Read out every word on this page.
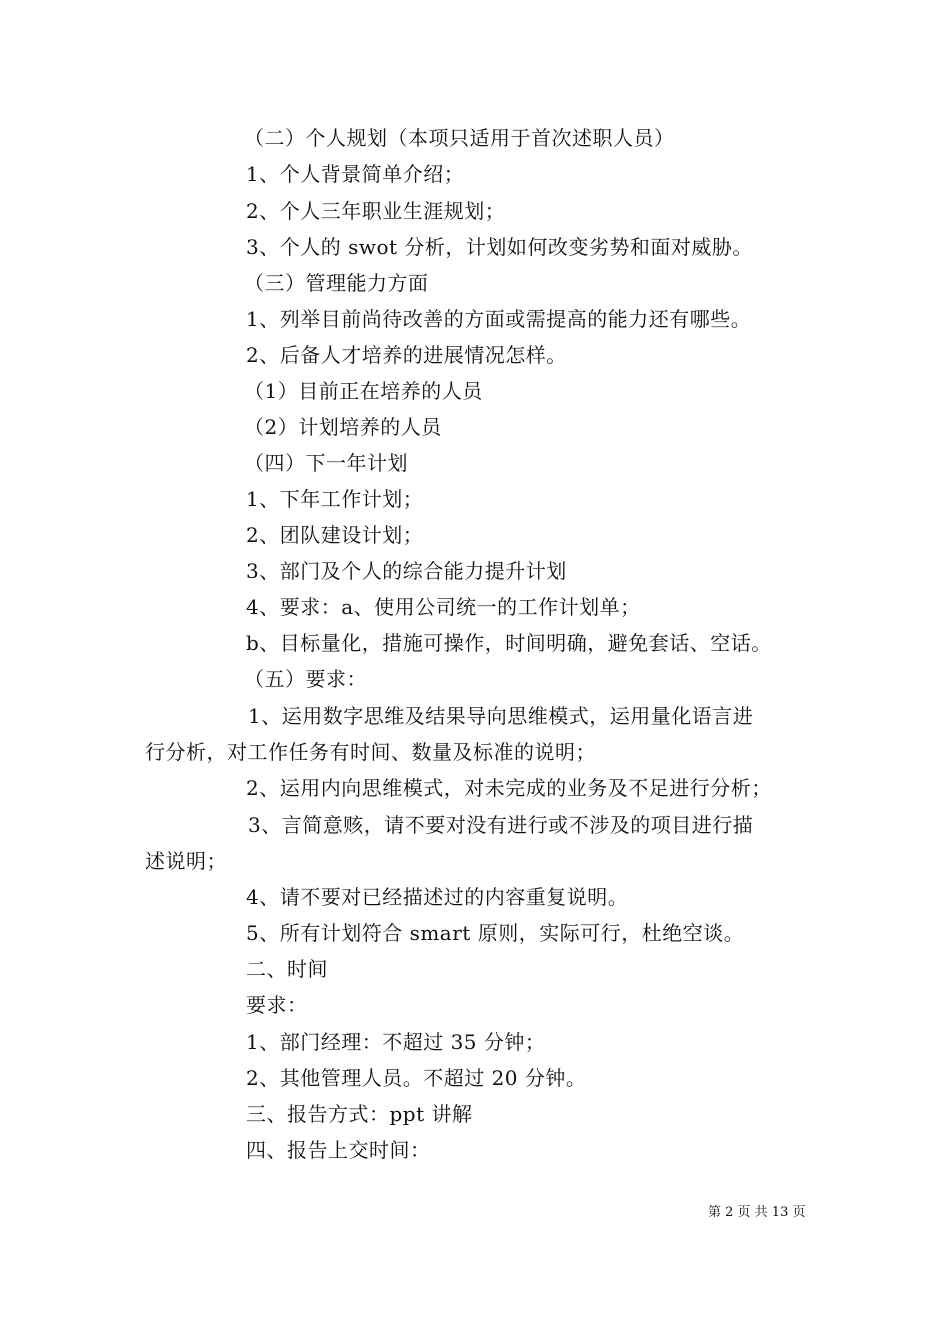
（二）个人规划（本项只适用于首次述职人员）
1、个人背景简单介绍；
2、个人三年职业生涯规划；
3、个人的 swot 分析，计划如何改变劣势和面对威胁。
（三）管理能力方面
1、列举目前尚待改善的方面或需提高的能力还有哪些。
2、后备人才培养的进展情况怎样。
（1）目前正在培养的人员
（2）计划培养的人员
（四）下一年计划
1、下年工作计划；
2、团队建设计划；
3、部门及个人的综合能力提升计划
4、要求：a、使用公司统一的工作计划单；
b、目标量化，措施可操作，时间明确，避免套话、空话。
（五）要求：
1、运用数字思维及结果导向思维模式，运用量化语言进
行分析，对工作任务有时间、数量及标准的说明；
2、运用内向思维模式，对未完成的业务及不足进行分析；
3、言简意赅，请不要对没有进行或不涉及的项目进行描
述说明；
4、请不要对已经描述过的内容重复说明。
5、所有计划符合 smart 原则，实际可行，杜绝空谈。
二、时间
要求：
1、部门经理：不超过 35 分钟；
2、其他管理人员。不超过 20 分钟。
三、报告方式：ppt 讲解
四、报告上交时间：
第 2 页 共 13 页
